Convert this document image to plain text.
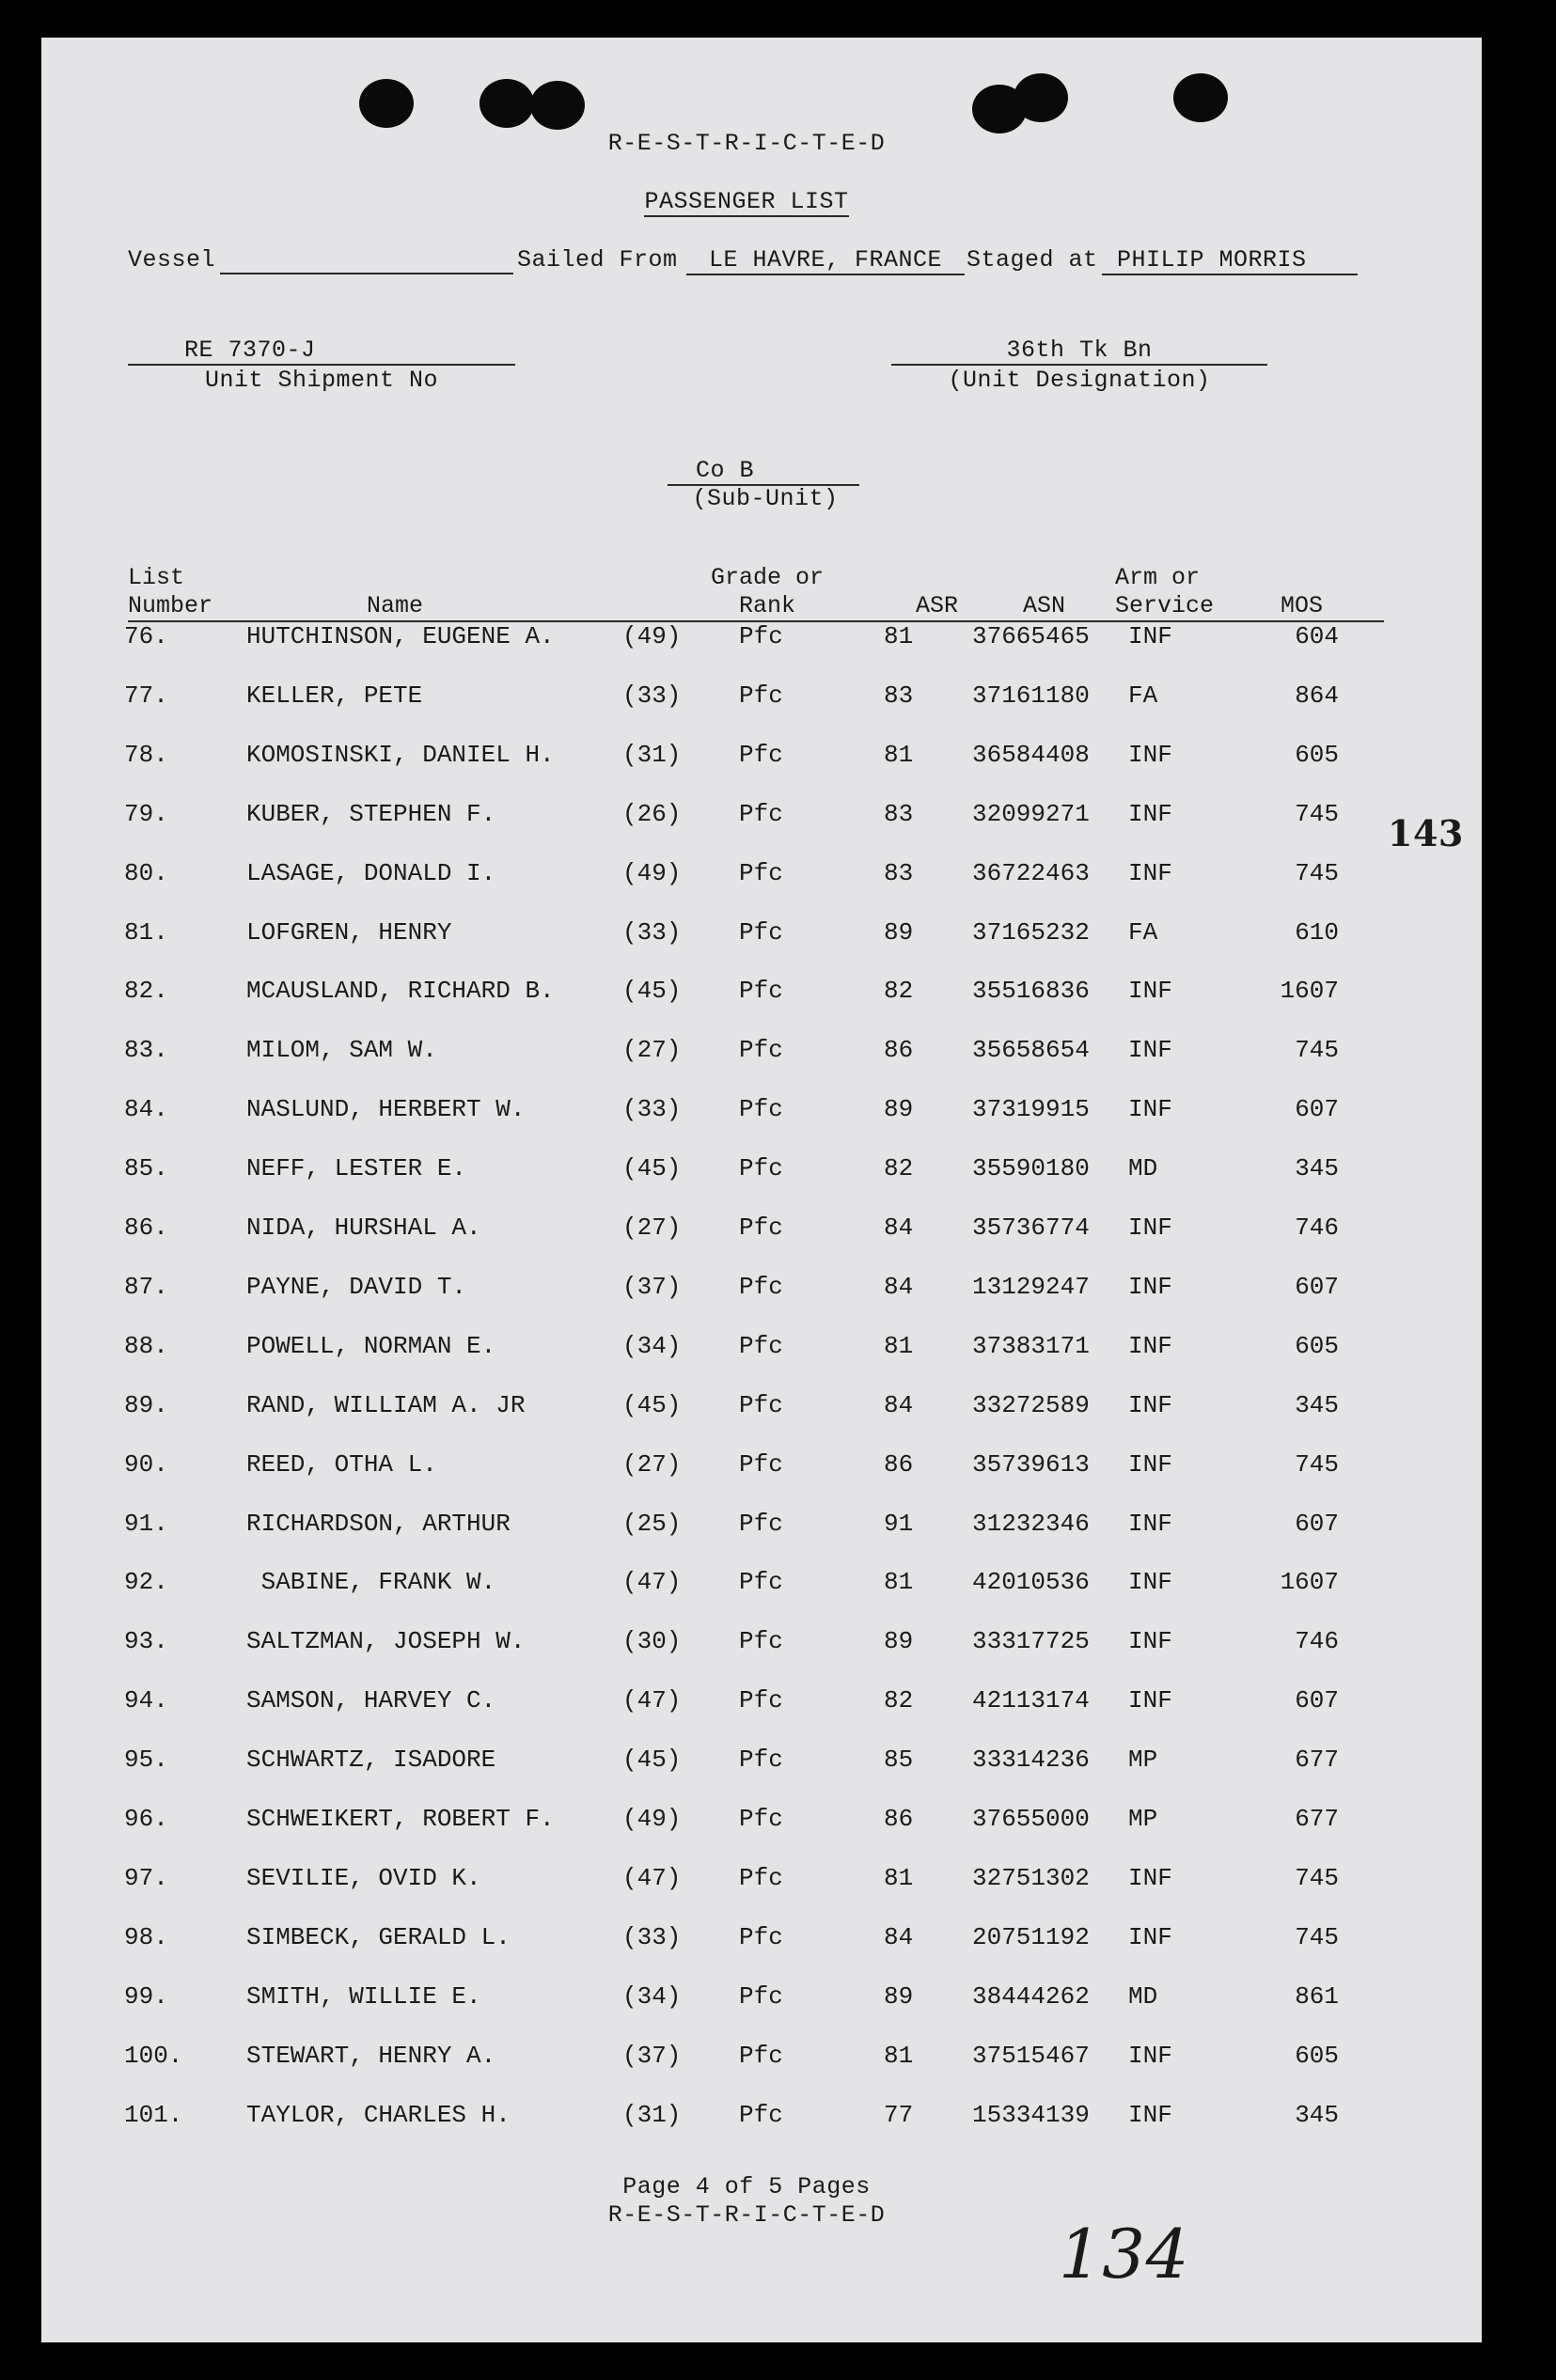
R-E-S-T-R-I-C-T-E-D
PASSENGER LIST
Vessel	Sailed From	LE HAVRE, FRANCE	Staged at PHILIP MORRIS
RE 7370-J
Unit Shipment No
36th Tk Bn
(Unit Designation)
Co B
(Sub-Unit)
List
Number	Name
Grade or
Rank	ASR	ASN
Arm or
Service	MOS
76.	HUTCHINSON, EUGENE A.	(49) Pfc	81 37665465 INF	604
77.	KELLER, PETE	(33) Pfc	83 37161180 FA	864
78.	KOMOSINSKI, DANIEL H.	(31) Pfc	81 36584408 INF	605
79.	KUBER, STEPHEN F.	(26) Pfc	83 32099271 INF	745
80.	LASAGE, DONALD I.	(49) Pfc	83 36722463 INF	745
81.	LOFGREN, HENRY	(33) Pfc	89 37165232 FA	610
82.	MCAUSLAND, RICHARD B.	(45) Pfc	82 35516836 INF	1607
83.	MILOM, SAM W.	(27) Pfc	86 35658654 INF	745
84.	NASLUND, HERBERT W.	(33) Pfc	89 37319915 INF	607
85.	NEFF, LESTER E.	(45) Pfc	82 35590180 MD	345
86.	NIDA, HURSHAL A.	(27) Pfc	84 35736774 INF	746
87.	PAYNE, DAVID T.	(37) Pfc	84 13129247 INF	607
88.	POWELL, NORMAN E.	(34) Pfc	81 37383171 INF	605
89.	RAND, WILLIAM A. JR	(45) Pfc	84 33272589 INF	345
90.	REED, OTHA L.	(27) Pfc	86 35739613 INF	745
91.	RICHARDSON, ARTHUR	(25) Pfc	91 31232346 INF	607
92.	SABINE, FRANK W.	(47) Pfc	81 42010536 INF	1607
93.	SALTZMAN, JOSEPH W.	(30) Pfc	89 33317725 INF	746
94.	SAMSON, HARVEY C.	(47) Pfc	82 42113174 INF	607
95.	SCHWARTZ, ISADORE	(45) Pfc	85 33314236 MP	677
96.	SCHWEIKERT, ROBERT F.	(49) Pfc	86 37655000 MP	677
97.	SEVILIE, OVID K.	(47) Pfc	81 32751302 INF	745
98.	SIMBECK, GERALD L.	(33) Pfc	84 20751192 INF	745
99.	SMITH, WILLIE E.	(34) Pfc	89 38444262 MD	861
100.	STEWART, HENRY A.	(37) Pfc	81 37515467 INF	605
101.	TAYLOR, CHARLES H.	(31) Pfc	77 15334139 INF	345
Page 4 of 5 Pages
R-E-S-T-R-I-C-T-E-D
143
134
